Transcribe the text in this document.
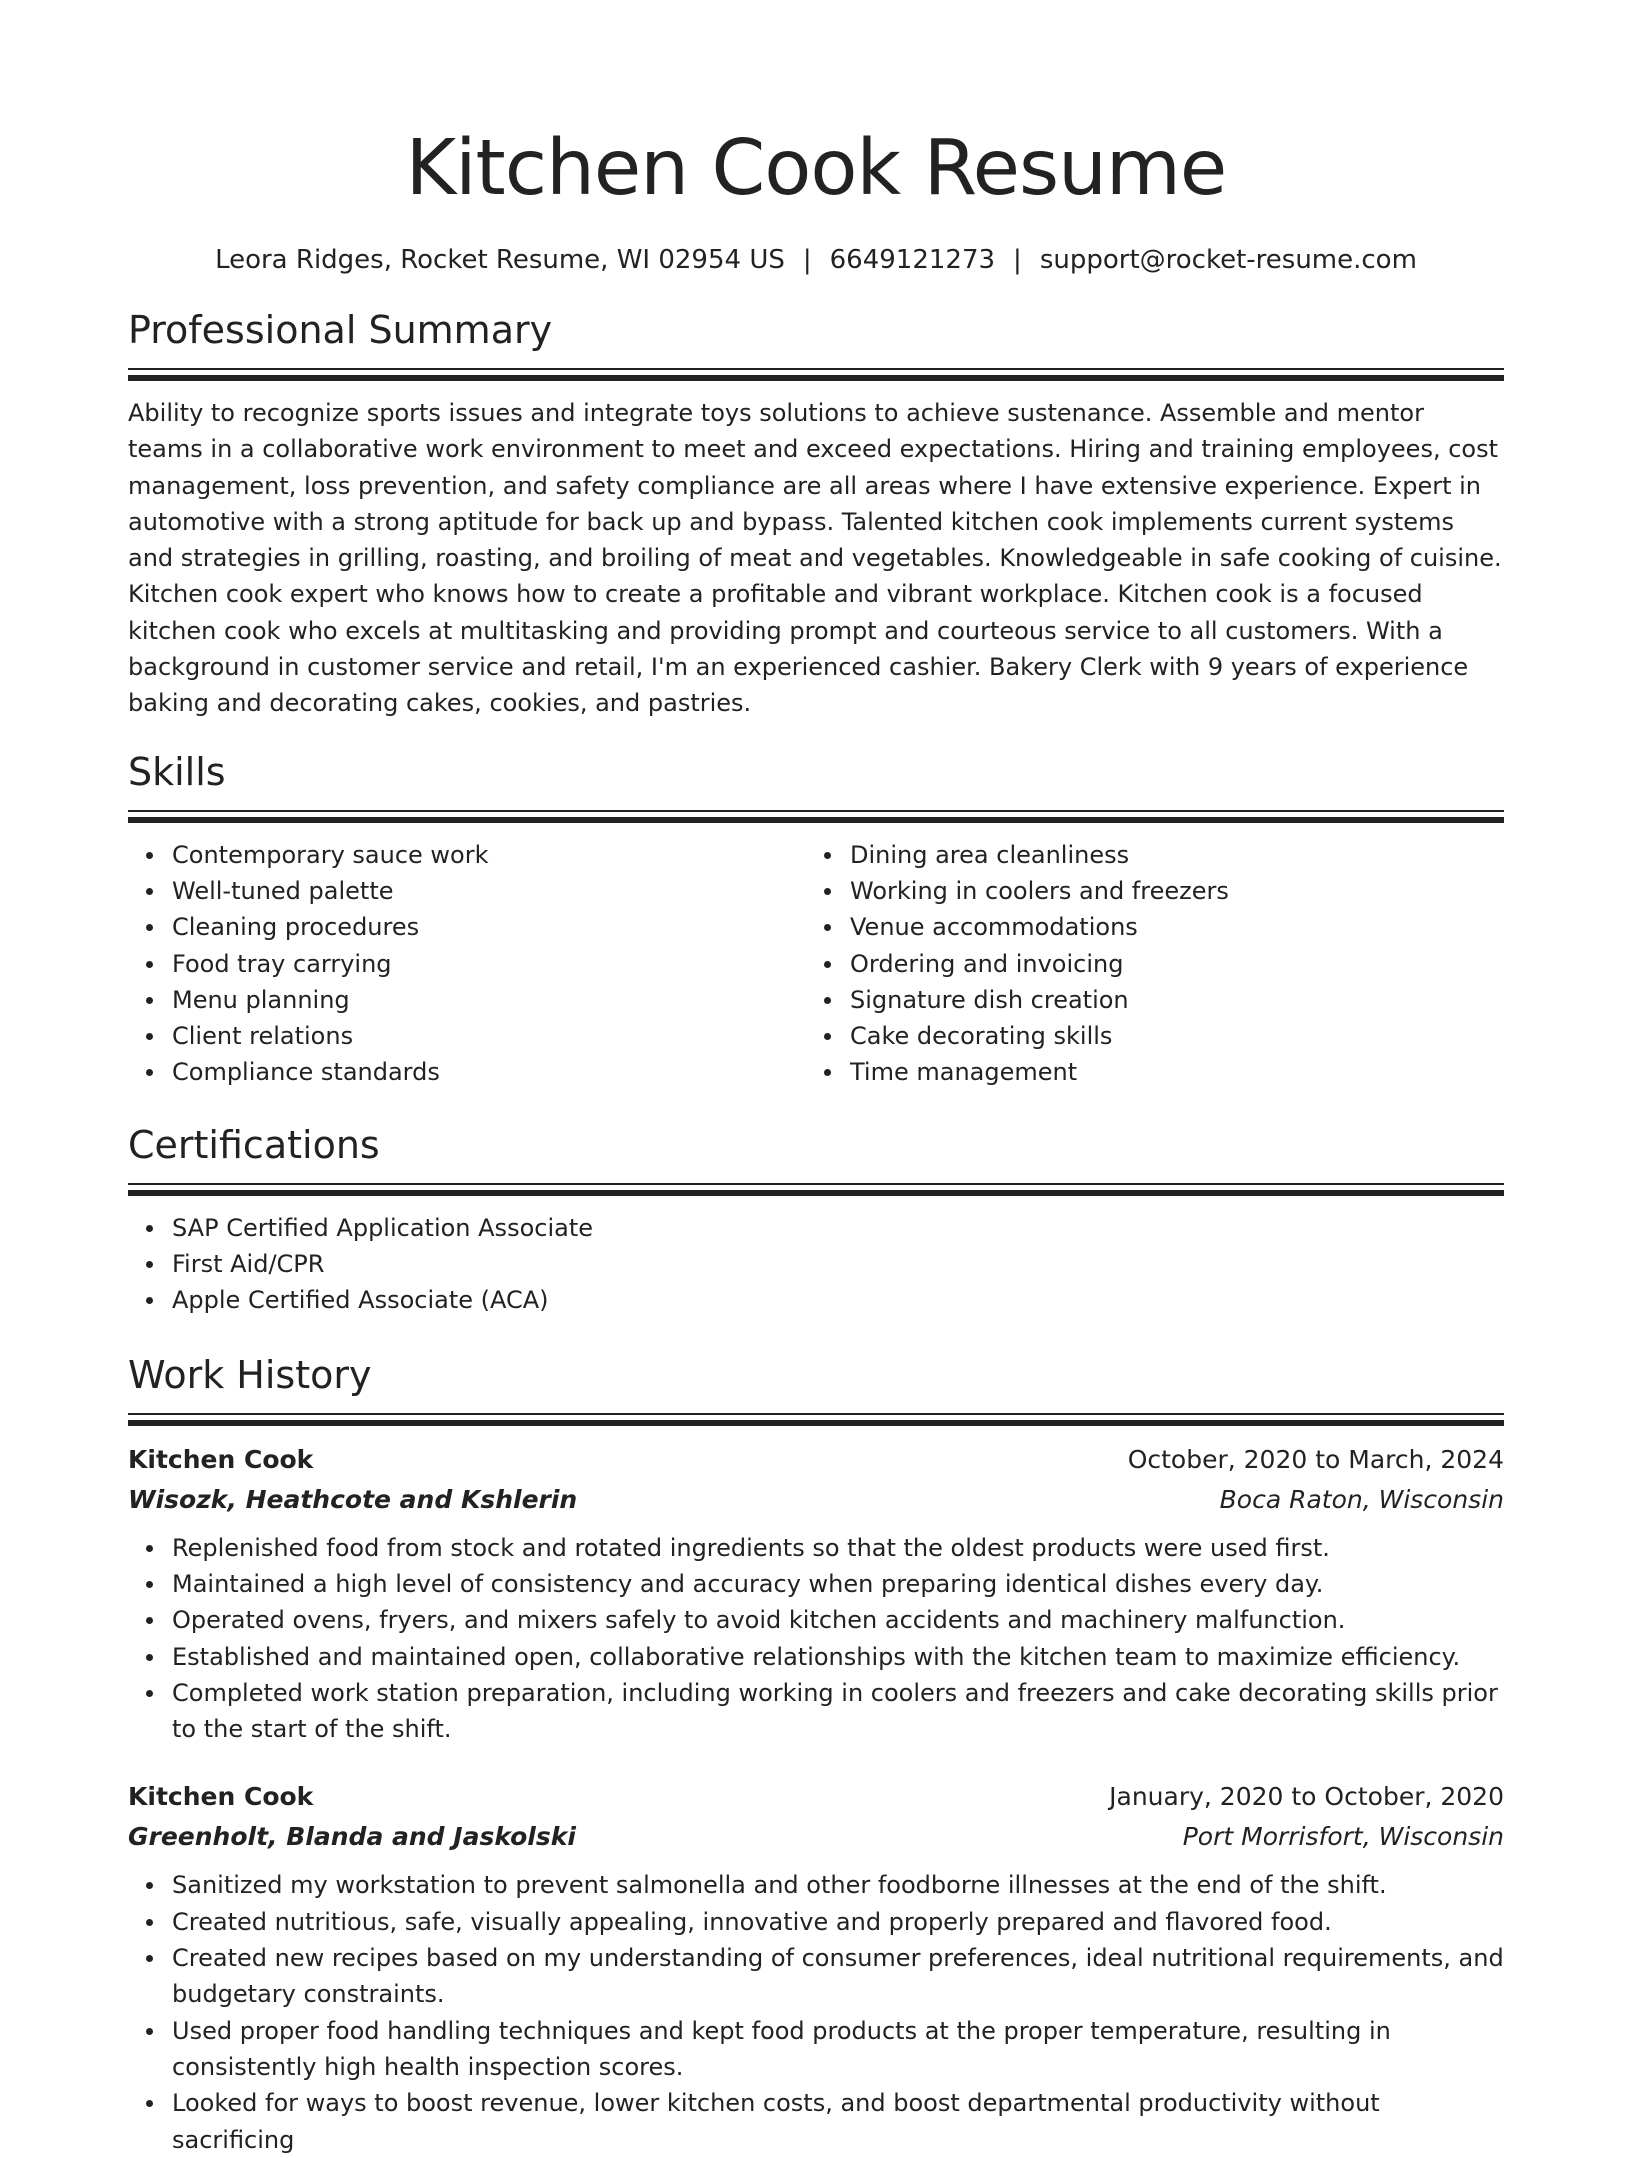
Kitchen Cook Resume
Leora Ridges, Rocket Resume, WI 02954 US | 6649121273 | support@rocket-resume.com
Professional Summary

Ability to recognize sports issues and integrate toys solutions to achieve sustenance. Assemble and mentor teams in a collaborative work environment to meet and exceed expectations. Hiring and training employees, cost management, loss prevention, and safety compliance are all areas where I have extensive experience. Expert in automotive with a strong aptitude for back up and bypass. Talented kitchen cook implements current systems and strategies in grilling, roasting, and broiling of meat and vegetables. Knowledgeable in safe cooking of cuisine. Kitchen cook expert who knows how to create a profitable and vibrant workplace. Kitchen cook is a focused kitchen cook who excels at multitasking and providing prompt and courteous service to all customers. With a background in customer service and retail, I'm an experienced cashier. Bakery Clerk with 9 years of experience baking and decorating cakes, cookies, and pastries.

Skills
Contemporary sauce work
Well-tuned palette
Cleaning procedures
Food tray carrying
Menu planning
Client relations
Compliance standards
Dining area cleanliness
Working in coolers and freezers
Venue accommodations
Ordering and invoicing
Signature dish creation
Cake decorating skills
Time management
Certifications
SAP Certified Application Associate
First Aid/CPR
Apple Certified Associate (ACA)
Work History
Kitchen Cook	October, 2020 to March, 2024
Wisozk, Heathcote and Kshlerin	Boca Raton, Wisconsin
Replenished food from stock and rotated ingredients so that the oldest products were used first.
Maintained a high level of consistency and accuracy when preparing identical dishes every day.
Operated ovens, fryers, and mixers safely to avoid kitchen accidents and machinery malfunction.
Established and maintained open, collaborative relationships with the kitchen team to maximize efficiency.
Completed work station preparation, including working in coolers and freezers and cake decorating skills prior to the start of the shift.
Kitchen Cook	January, 2020 to October, 2020
Greenholt, Blanda and Jaskolski	Port Morrisfort, Wisconsin
Sanitized my workstation to prevent salmonella and other foodborne illnesses at the end of the shift.
Created nutritious, safe, visually appealing, innovative and properly prepared and flavored food.
Created new recipes based on my understanding of consumer preferences, ideal nutritional requirements, and budgetary constraints.
Used proper food handling techniques and kept food products at the proper temperature, resulting in consistently high health inspection scores.
Looked for ways to boost revenue, lower kitchen costs, and boost departmental productivity without sacrificing
